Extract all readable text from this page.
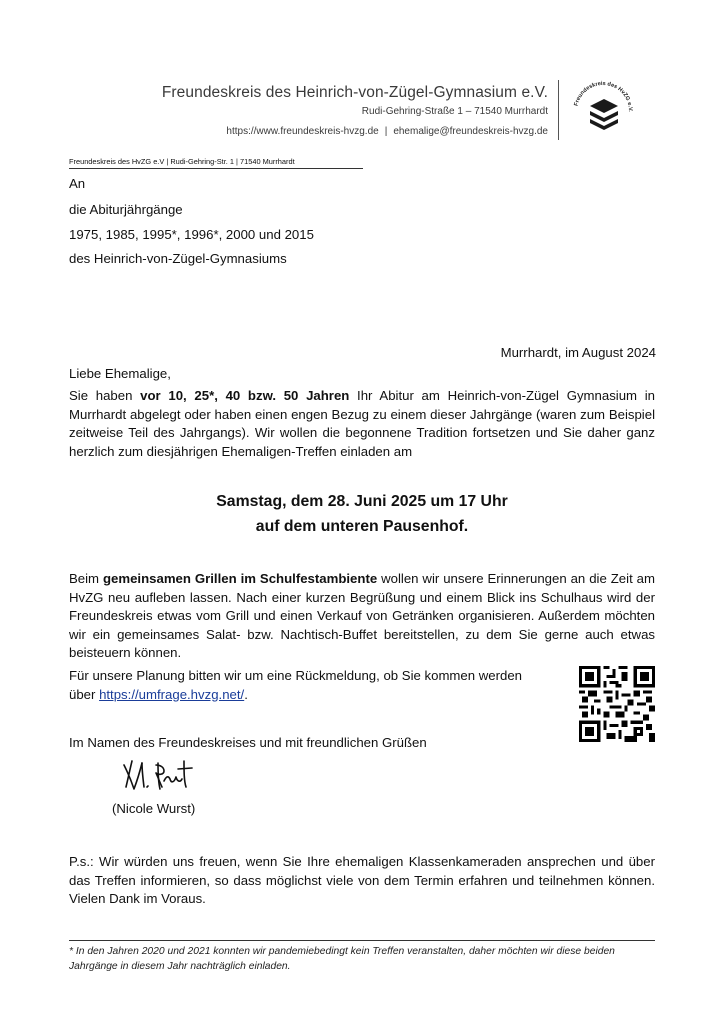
Freundeskreis des Heinrich-von-Zügel-Gymnasium e.V.
Rudi-Gehring-Straße 1 – 71540 Murrhardt
https://www.freundeskreis-hvzg.de | ehemalige@freundeskreis-hvzg.de
Freundeskreis des HvZG e.V.
Freundeskreis des HvZG e.V | Rudi-Gehring-Str. 1 | 71540 Murrhardt
An
die Abiturjährgänge
1975, 1985, 1995*, 1996*, 2000 und 2015
des Heinrich-von-Zügel-Gymnasiums
Murrhardt, im August 2024
Liebe Ehemalige,
Sie haben vor 10, 25*, 40 bzw. 50 Jahren Ihr Abitur am Heinrich-von-Zügel Gymnasium in Murrhardt abgelegt oder haben einen engen Bezug zu einem dieser Jahrgänge (waren zum Beispiel zeitweise Teil des Jahrgangs). Wir wollen die begonnene Tradition fortsetzen und Sie daher ganz herzlich zum diesjährigen Ehemaligen-Treffen einladen am
Samstag, dem 28. Juni 2025 um 17 Uhr
auf dem unteren Pausenhof.
Beim gemeinsamen Grillen im Schulfestambiente wollen wir unsere Erinnerungen an die Zeit am HvZG neu aufleben lassen. Nach einer kurzen Begrüßung und einem Blick ins Schulhaus wird der Freundeskreis etwas vom Grill und einen Verkauf von Getränken organisieren. Außerdem möchten wir ein gemeinsames Salat- bzw. Nachtisch-Buffet bereitstellen, zu dem Sie gerne auch etwas beisteuern können.
Für unsere Planung bitten wir um eine Rückmeldung, ob Sie kommen werden
über https://umfrage.hvzg.net/.
Im Namen des Freundeskreises und mit freundlichen Grüßen
(Nicole Wurst)
P.s.: Wir würden uns freuen, wenn Sie Ihre ehemaligen Klassenkameraden ansprechen und über das Treffen informieren, so dass möglichst viele von dem Termin erfahren und teilnehmen können. Vielen Dank im Voraus.
* In den Jahren 2020 und 2021 konnten wir pandemiebedingt kein Treffen veranstalten, daher möchten wir diese beiden Jahrgänge in diesem Jahr nachträglich einladen.
